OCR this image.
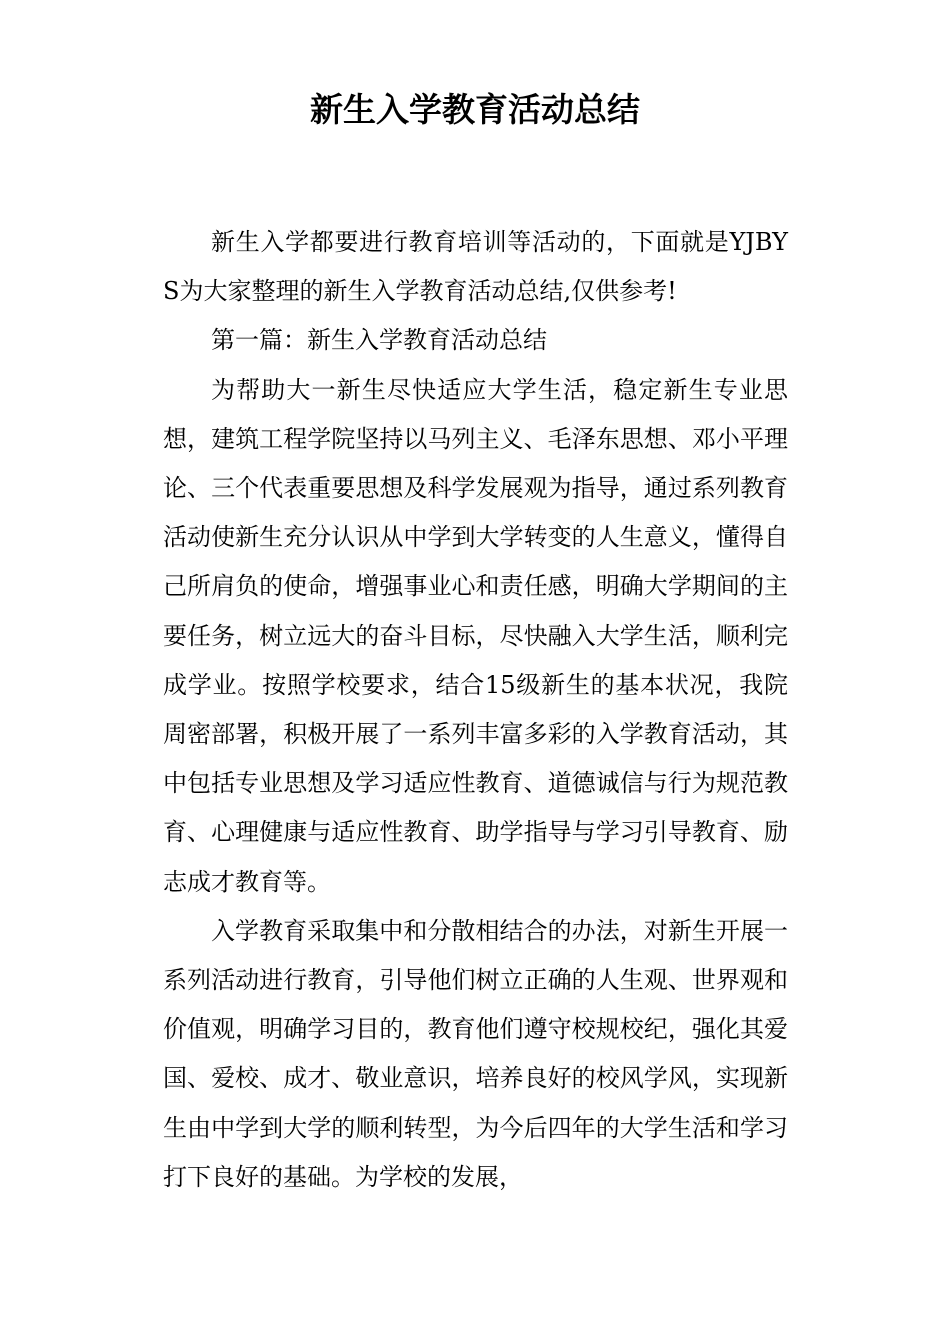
新生入学教育活动总结

新生入学都要进行教育培训等活动的，下面就是YJBYS为大家整理的新生入学教育活动总结,仅供参考!

第一篇：新生入学教育活动总结

为帮助大一新生尽快适应大学生活，稳定新生专业思想，建筑工程学院坚持以马列主义、毛泽东思想、邓小平理论、三个代表重要思想及科学发展观为指导，通过系列教育活动使新生充分认识从中学到大学转变的人生意义，懂得自己所肩负的使命，增强事业心和责任感，明确大学期间的主要任务，树立远大的奋斗目标，尽快融入大学生活，顺利完成学业。按照学校要求，结合15级新生的基本状况，我院周密部署，积极开展了一系列丰富多彩的入学教育活动，其中包括专业思想及学习适应性教育、道德诚信与行为规范教育、心理健康与适应性教育、助学指导与学习引导教育、励志成才教育等。

入学教育采取集中和分散相结合的办法，对新生开展一系列活动进行教育，引导他们树立正确的人生观、世界观和价值观，明确学习目的，教育他们遵守校规校纪，强化其爱国、爱校、成才、敬业意识，培养良好的校风学风，实现新生由中学到大学的顺利转型，为今后四年的大学生活和学习打下良好的基础。为学校的发展，
